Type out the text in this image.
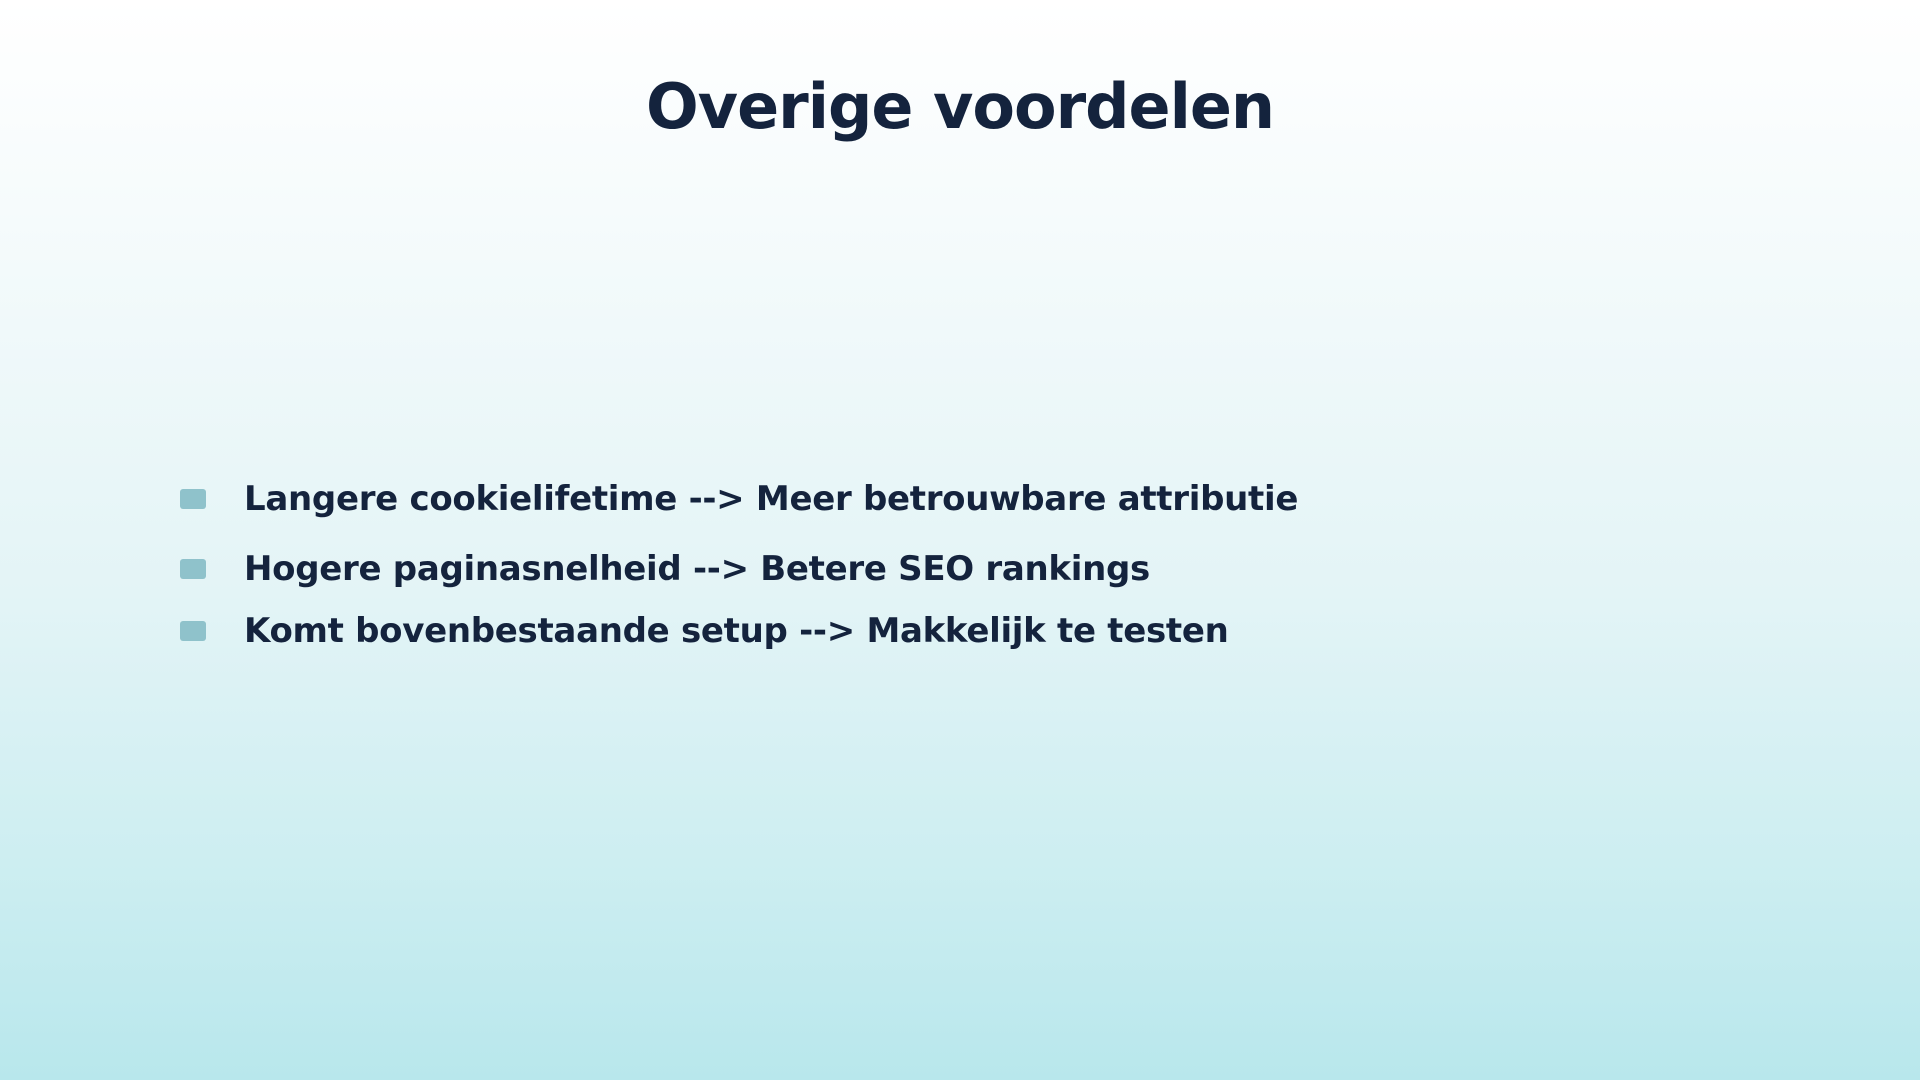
Overige voordelen
Langere cookielifetime --> Meer betrouwbare attributie
Hogere paginasnelheid --> Betere SEO rankings
Komt bovenbestaande setup --> Makkelijk te testen
